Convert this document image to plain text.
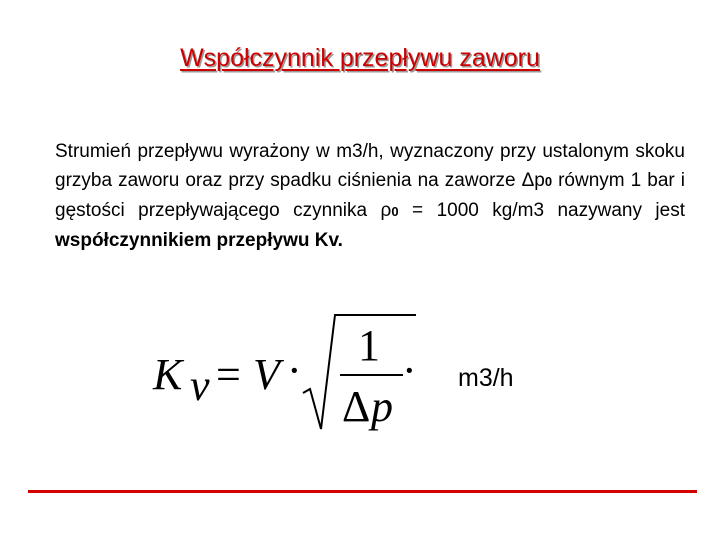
Współczynnik przepływu zaworu
Strumień przepływu wyrażony w m3/h, wyznaczony przy ustalonym skoku grzyba zaworu oraz przy spadku ciśnienia na zaworze Δp0 równym 1 bar i gęstości przepływającego czynnika ρ0 = 1000 kg/m3 nazywany jest współczynnikiem przepływu Kv.
K v = V ·
1
Δ p
· m3/h
